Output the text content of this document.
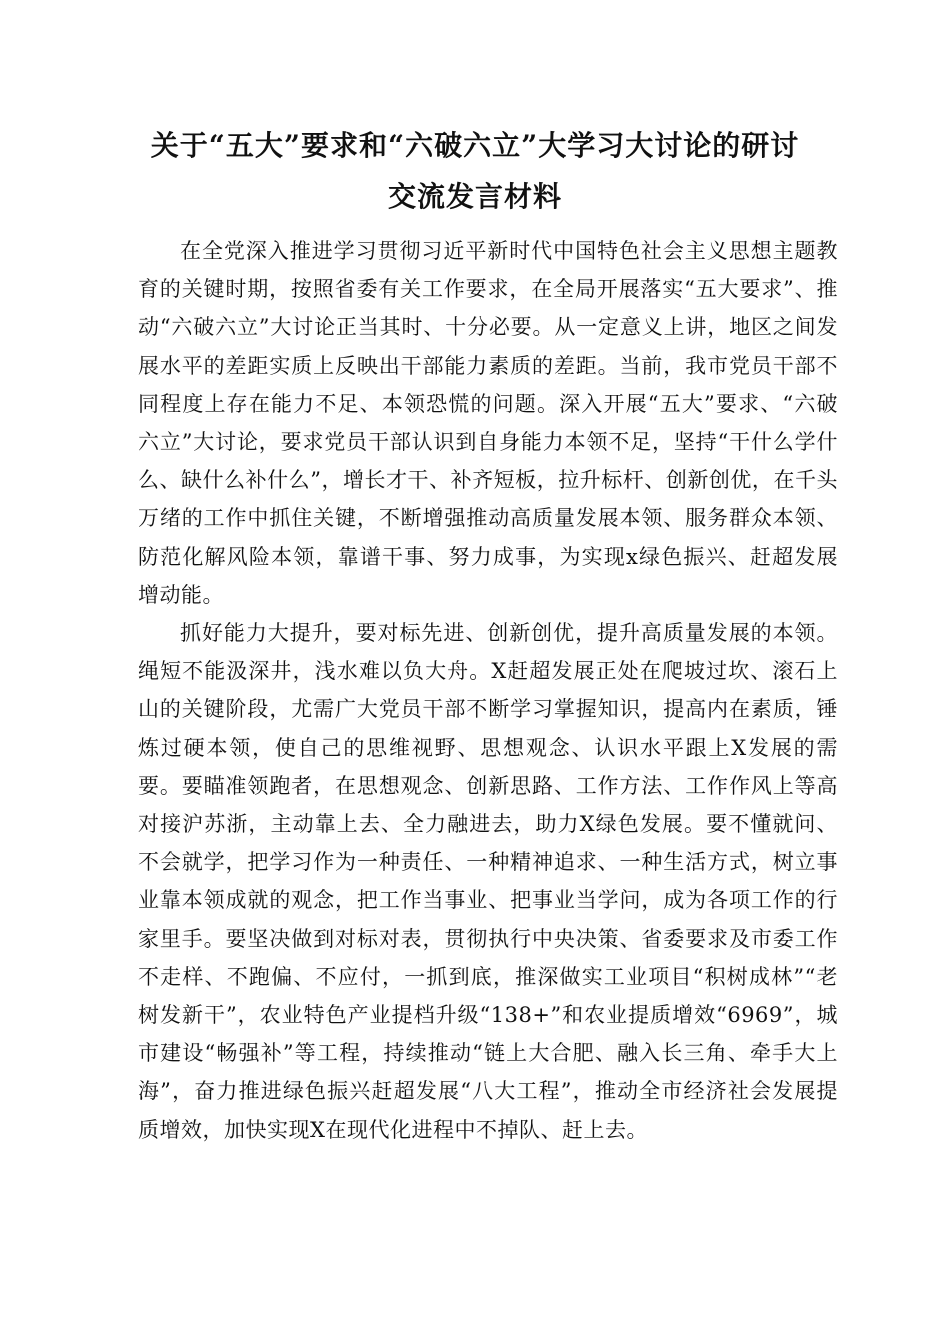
关于“五大”要求和“六破六立”大学习大讨论的研讨
交流发言材料

在全党深入推进学习贯彻习近平新时代中国特色社会主义思想主题教育的关键时期，按照省委有关工作要求，在全局开展落实“五大要求”、推动“六破六立”大讨论正当其时、十分必要。从一定意义上讲，地区之间发展水平的差距实质上反映出干部能力素质的差距。当前，我市党员干部不同程度上存在能力不足、本领恐慌的问题。深入开展“五大”要求、“六破六立”大讨论，要求党员干部认识到自身能力本领不足，坚持“干什么学什么、缺什么补什么”，增长才干、补齐短板，拉升标杆、创新创优，在千头万绪的工作中抓住关键，不断增强推动高质量发展本领、服务群众本领、防范化解风险本领，靠谱干事、努力成事，为实现x绿色振兴、赶超发展增动能。

抓好能力大提升，要对标先进、创新创优，提升高质量发展的本领。绳短不能汲深井，浅水难以负大舟。X赶超发展正处在爬坡过坎、滚石上山的关键阶段，尤需广大党员干部不断学习掌握知识，提高内在素质，锤炼过硬本领，使自己的思维视野、思想观念、认识水平跟上X发展的需要。要瞄准领跑者，在思想观念、创新思路、工作方法、工作作风上等高对接沪苏浙，主动靠上去、全力融进去，助力X绿色发展。要不懂就问、不会就学，把学习作为一种责任、一种精神追求、一种生活方式，树立事业靠本领成就的观念，把工作当事业、把事业当学问，成为各项工作的行家里手。要坚决做到对标对表，贯彻执行中央决策、省委要求及市委工作不走样、不跑偏、不应付，一抓到底，推深做实工业项目“积树成林”“老树发新干”，农业特色产业提档升级“138+”和农业提质增效“6969”，城市建设“畅强补”等工程，持续推动“链上大合肥、融入长三角、牵手大上海”，奋力推进绿色振兴赶超发展“八大工程”，推动全市经济社会发展提质增效，加快实现X在现代化进程中不掉队、赶上去。
